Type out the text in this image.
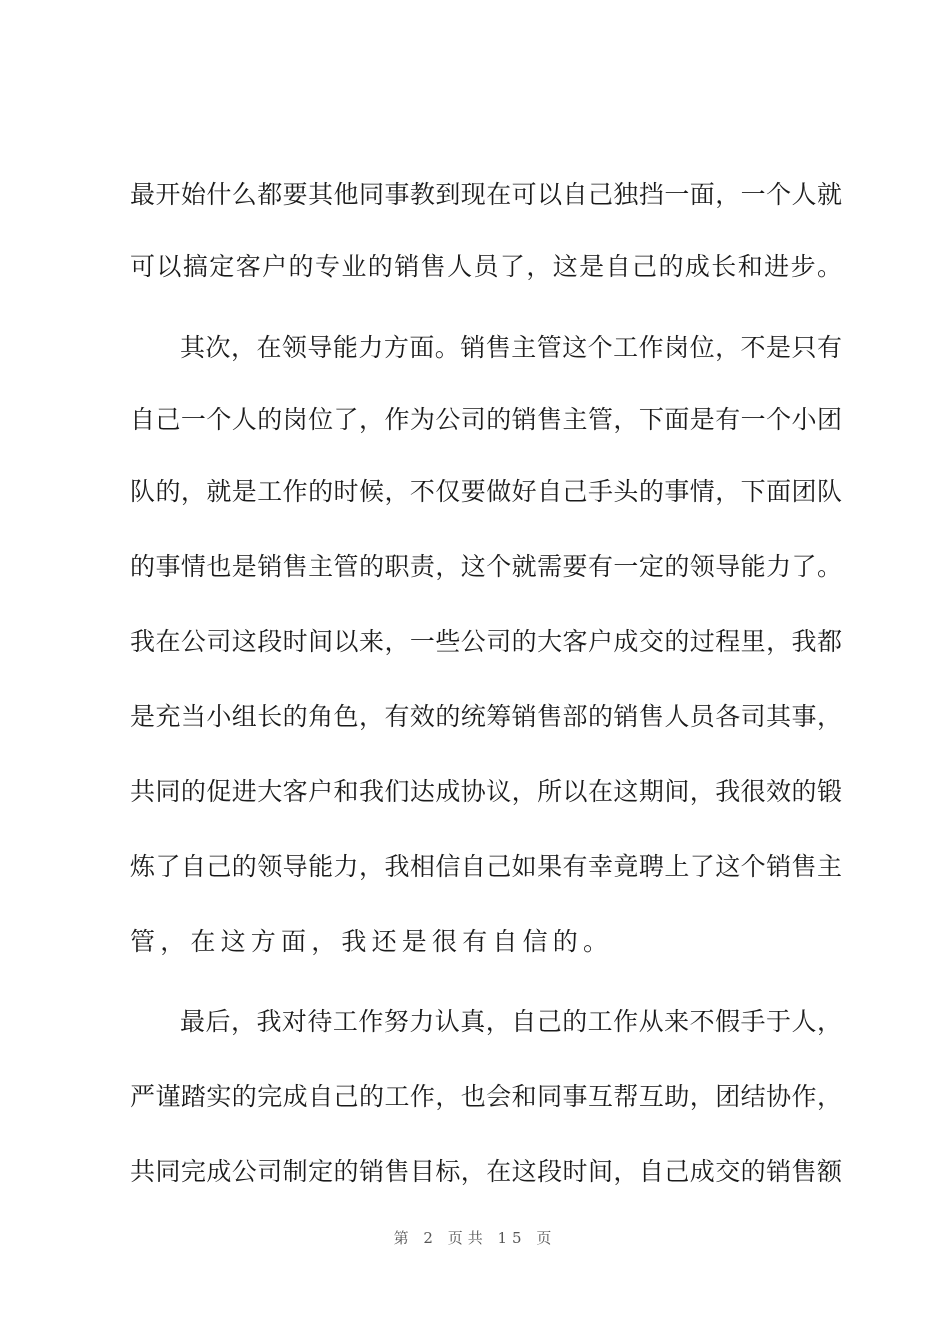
最开始什么都要其他同事教到现在可以自己独挡一面，一个人就
可以搞定客户的专业的销售人员了，这是自己的成长和进步。
其次，在领导能力方面。销售主管这个工作岗位，不是只有
自己一个人的岗位了，作为公司的销售主管，下面是有一个小团
队的，就是工作的时候，不仅要做好自己手头的事情，下面团队
的事情也是销售主管的职责，这个就需要有一定的领导能力了。
我在公司这段时间以来，一些公司的大客户成交的过程里，我都
是充当小组长的角色，有效的统筹销售部的销售人员各司其事，
共同的促进大客户和我们达成协议，所以在这期间，我很效的锻
炼了自己的领导能力，我相信自己如果有幸竟聘上了这个销售主
管，在这方面，我还是很有自信的。
最后，我对待工作努力认真，自己的工作从来不假手于人，
严谨踏实的完成自己的工作，也会和同事互帮互助，团结协作，
共同完成公司制定的销售目标，在这段时间，自己成交的销售额
第 2 页共 15 页
